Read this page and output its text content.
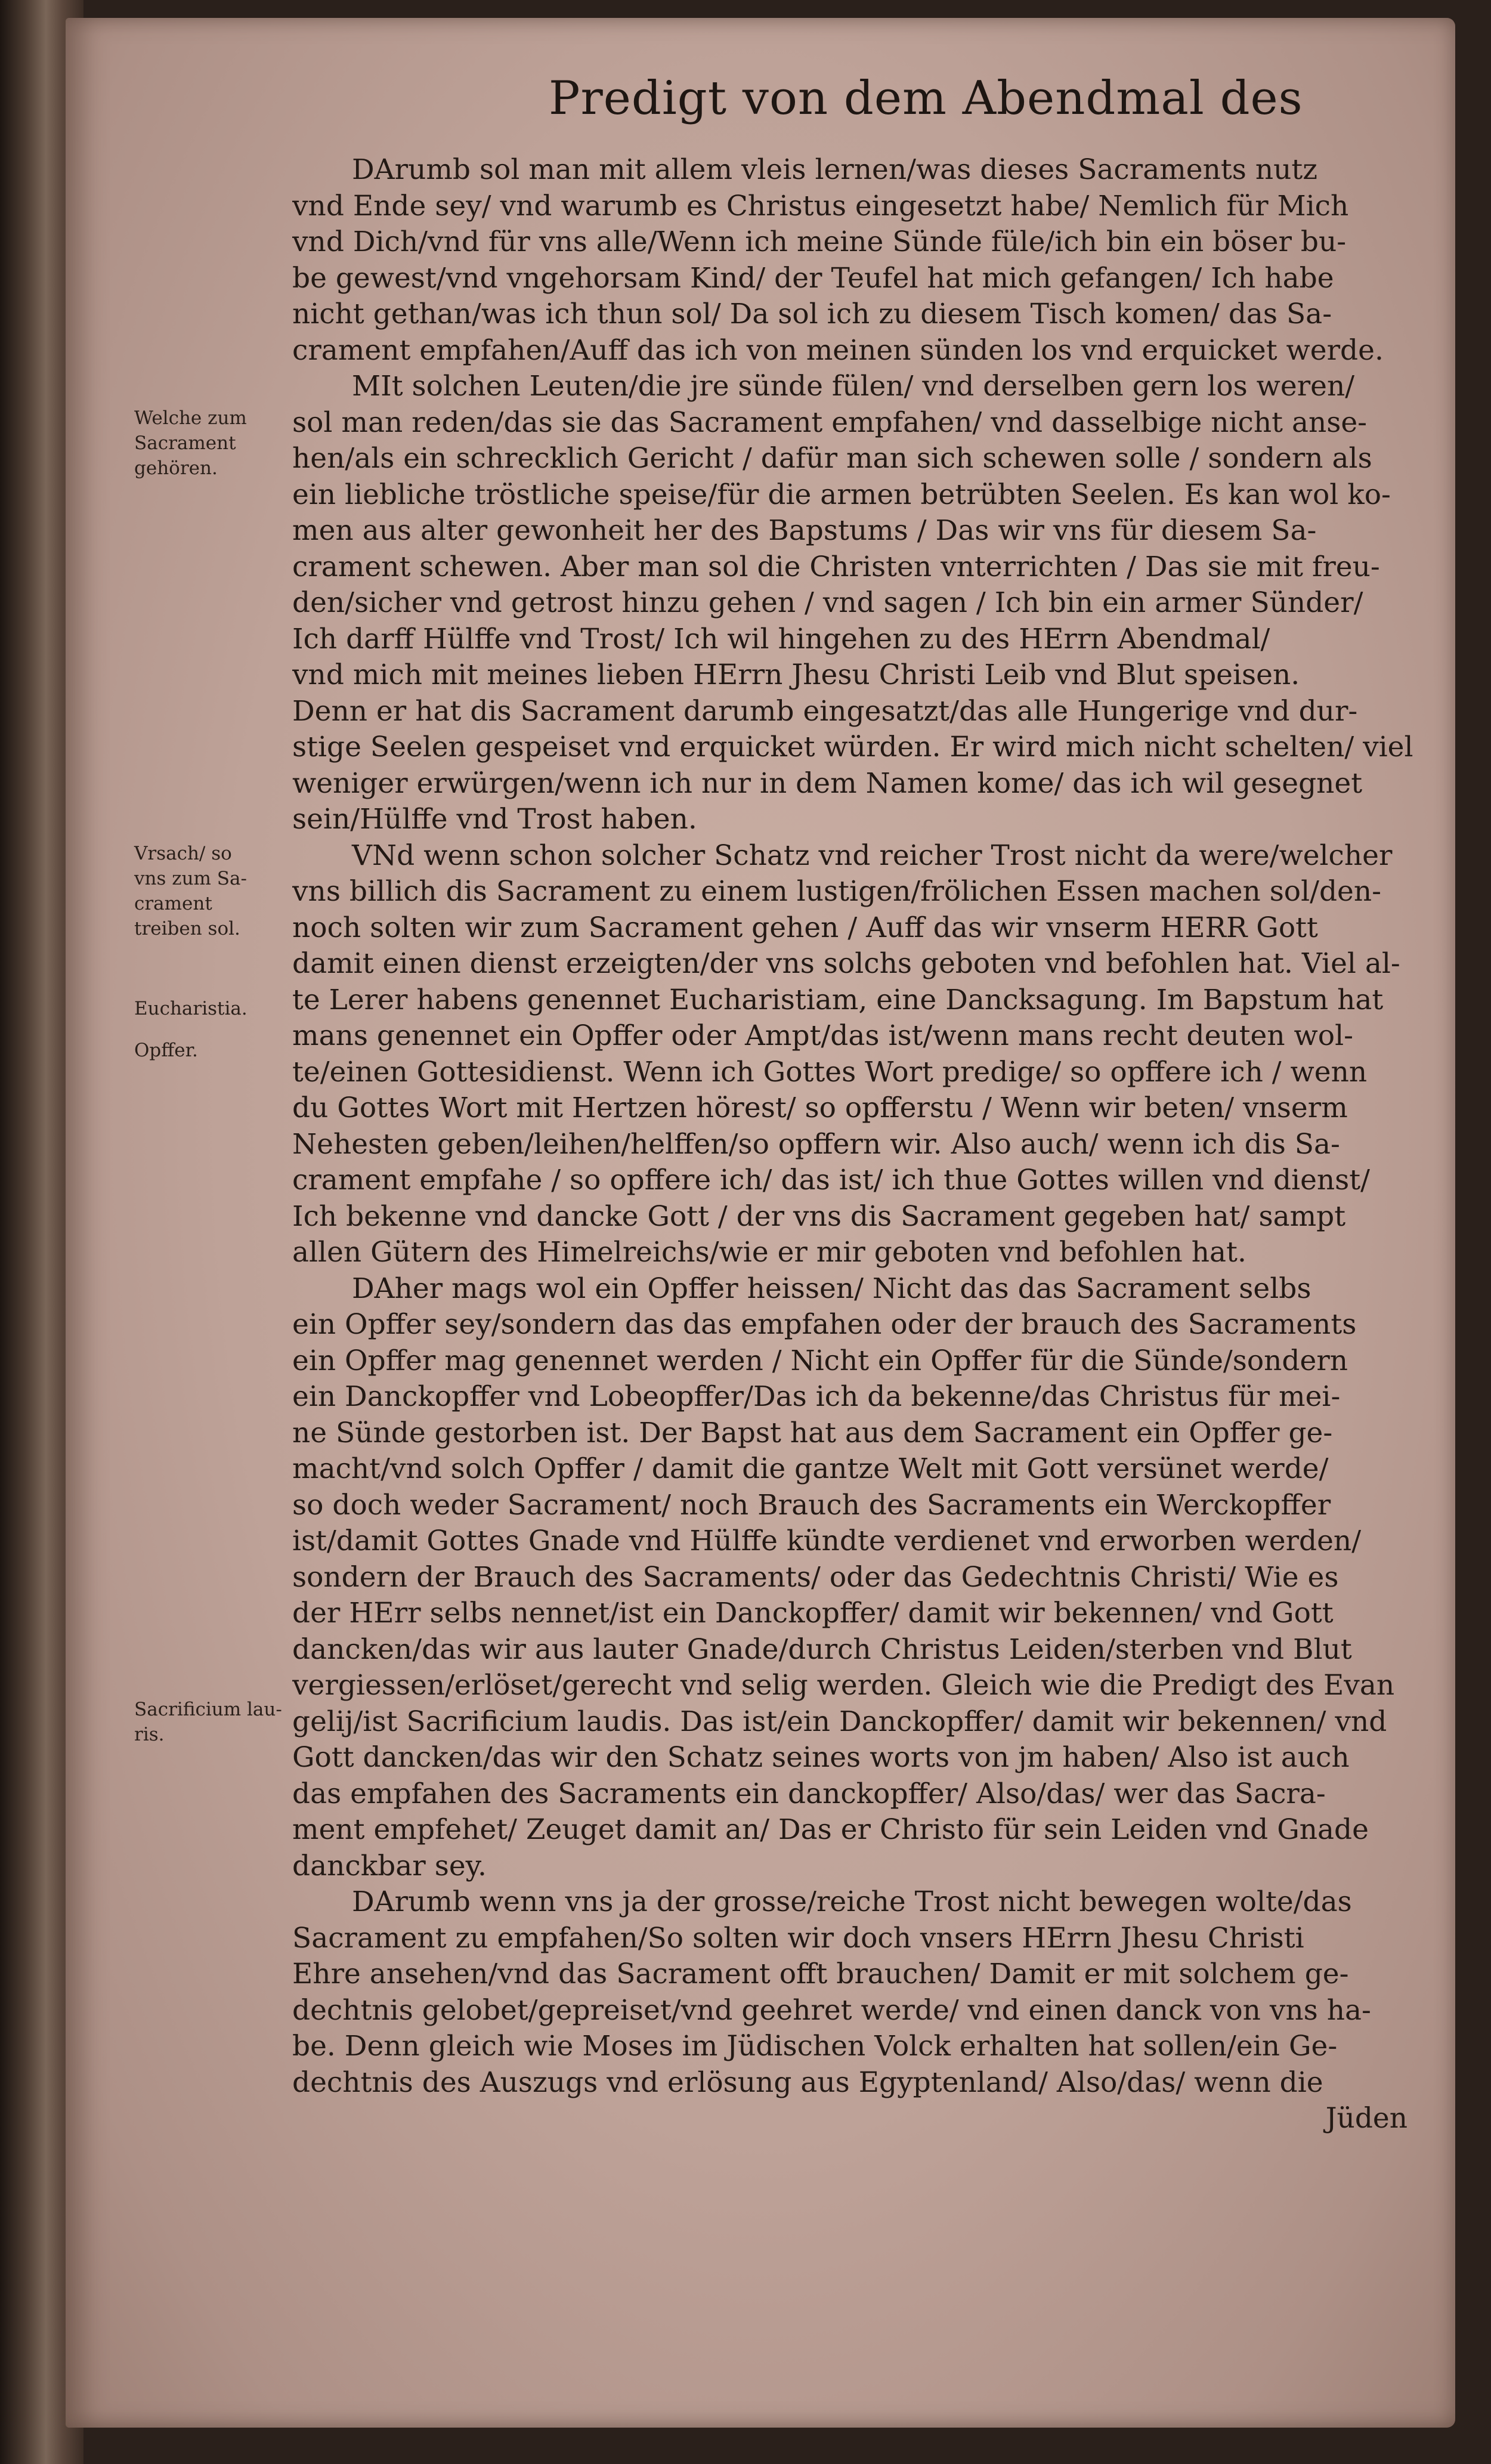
Predigt von dem Abendmal des
DArumb sol man mit allem vleis lernen/was dieses Sacraments nutz
vnd Ende sey/ vnd warumb es Christus eingesetzt habe/ Nemlich für Mich
vnd Dich/vnd für vns alle/Wenn ich meine Sünde füle/ich bin ein böser bu-
be gewest/vnd vngehorsam Kind/ der Teufel hat mich gefangen/ Ich habe
nicht gethan/was ich thun sol/ Da sol ich zu diesem Tisch komen/ das Sa-
crament empfahen/Auff das ich von meinen sünden los vnd erquicket werde.
MIt solchen Leuten/die jre sünde fülen/ vnd derselben gern los weren/
sol man reden/das sie das Sacrament empfahen/ vnd dasselbige nicht anse-
hen/als ein schrecklich Gericht / dafür man sich schewen solle / sondern als
ein liebliche tröstliche speise/für die armen betrübten Seelen. Es kan wol ko-
men aus alter gewonheit her des Bapstums / Das wir vns für diesem Sa-
crament schewen. Aber man sol die Christen vnterrichten / Das sie mit freu-
den/sicher vnd getrost hinzu gehen / vnd sagen / Ich bin ein armer Sünder/
Ich darff Hülffe vnd Trost/ Ich wil hingehen zu des HErrn Abendmal/
vnd mich mit meines lieben HErrn Jhesu Christi Leib vnd Blut speisen.
Denn er hat dis Sacrament darumb eingesatzt/das alle Hungerige vnd dur-
stige Seelen gespeiset vnd erquicket würden. Er wird mich nicht schelten/ viel
weniger erwürgen/wenn ich nur in dem Namen kome/ das ich wil gesegnet
sein/Hülffe vnd Trost haben.
VNd wenn schon solcher Schatz vnd reicher Trost nicht da were/welcher
vns billich dis Sacrament zu einem lustigen/frölichen Essen machen sol/den-
noch solten wir zum Sacrament gehen / Auff das wir vnserm HERR Gott
damit einen dienst erzeigten/der vns solchs geboten vnd befohlen hat. Viel al-
te Lerer habens genennet Eucharistiam, eine Dancksagung. Im Bapstum hat
mans genennet ein Opffer oder Ampt/das ist/wenn mans recht deuten wol-
te/einen Gottesidienst. Wenn ich Gottes Wort predige/ so opffere ich / wenn
du Gottes Wort mit Hertzen hörest/ so opfferstu / Wenn wir beten/ vnserm
Nehesten geben/leihen/helffen/so opffern wir. Also auch/ wenn ich dis Sa-
crament empfahe / so opffere ich/ das ist/ ich thue Gottes willen vnd dienst/
Ich bekenne vnd dancke Gott / der vns dis Sacrament gegeben hat/ sampt
allen Gütern des Himelreichs/wie er mir geboten vnd befohlen hat.
DAher mags wol ein Opffer heissen/ Nicht das das Sacrament selbs
ein Opffer sey/sondern das das empfahen oder der brauch des Sacraments
ein Opffer mag genennet werden / Nicht ein Opffer für die Sünde/sondern
ein Danckopffer vnd Lobeopffer/Das ich da bekenne/das Christus für mei-
ne Sünde gestorben ist. Der Bapst hat aus dem Sacrament ein Opffer ge-
macht/vnd solch Opffer / damit die gantze Welt mit Gott versünet werde/
so doch weder Sacrament/ noch Brauch des Sacraments ein Werckopffer
ist/damit Gottes Gnade vnd Hülffe kündte verdienet vnd erworben werden/
sondern der Brauch des Sacraments/ oder das Gedechtnis Christi/ Wie es
der HErr selbs nennet/ist ein Danckopffer/ damit wir bekennen/ vnd Gott
dancken/das wir aus lauter Gnade/durch Christus Leiden/sterben vnd Blut
vergiessen/erlöset/gerecht vnd selig werden. Gleich wie die Predigt des Evan
gelij/ist Sacrificium laudis. Das ist/ein Danckopffer/ damit wir bekennen/ vnd
Gott dancken/das wir den Schatz seines worts von jm haben/ Also ist auch
das empfahen des Sacraments ein danckopffer/ Also/das/ wer das Sacra-
ment empfehet/ Zeuget damit an/ Das er Christo für sein Leiden vnd Gnade
danckbar sey.
DArumb wenn vns ja der grosse/reiche Trost nicht bewegen wolte/das
Sacrament zu empfahen/So solten wir doch vnsers HErrn Jhesu Christi
Ehre ansehen/vnd das Sacrament offt brauchen/ Damit er mit solchem ge-
dechtnis gelobet/gepreiset/vnd geehret werde/ vnd einen danck von vns ha-
be. Denn gleich wie Moses im Jüdischen Volck erhalten hat sollen/ein Ge-
dechtnis des Auszugs vnd erlösung aus Egyptenland/ Also/das/ wenn die
Jüden
Welche zum
Sacrament
gehören.
Vrsach/ so
vns zum Sa-
crament
treiben sol.
Eucharistia.
Opffer.
Sacrificium lau-
ris.
